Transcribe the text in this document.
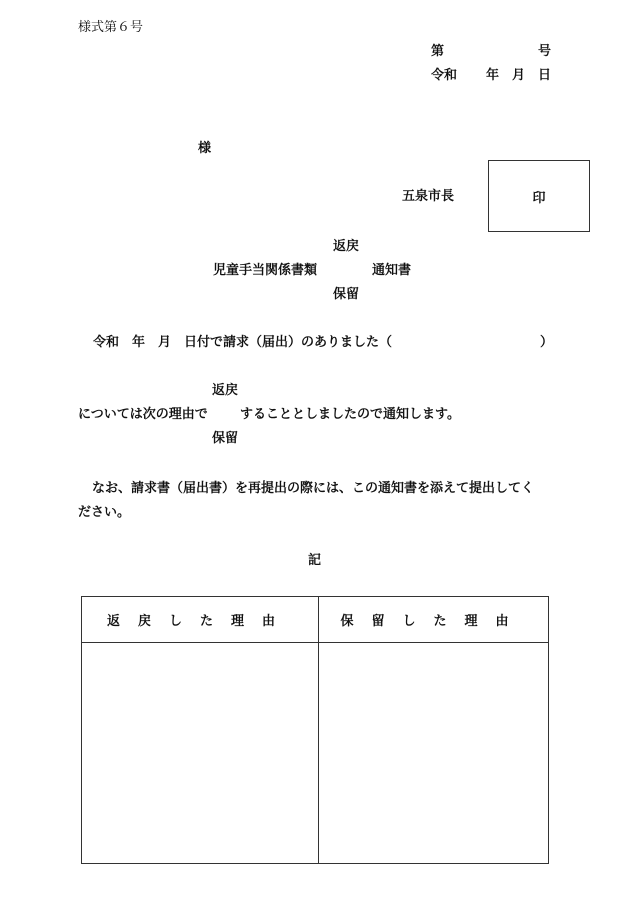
様式第６号
第	号
令和 年 月 日
様
五泉市長	印
返戻
児童手当関係書類	通知書
保留
令和 年 月 日付で請求（届出）のありました（	）
返戻
については次の理由で することとしましたので通知します。
保留
なお、請求書（届出書）を再提出の際には、この通知書を添えて提出してく
ださい。
記
返戻した理由	保留した理由
